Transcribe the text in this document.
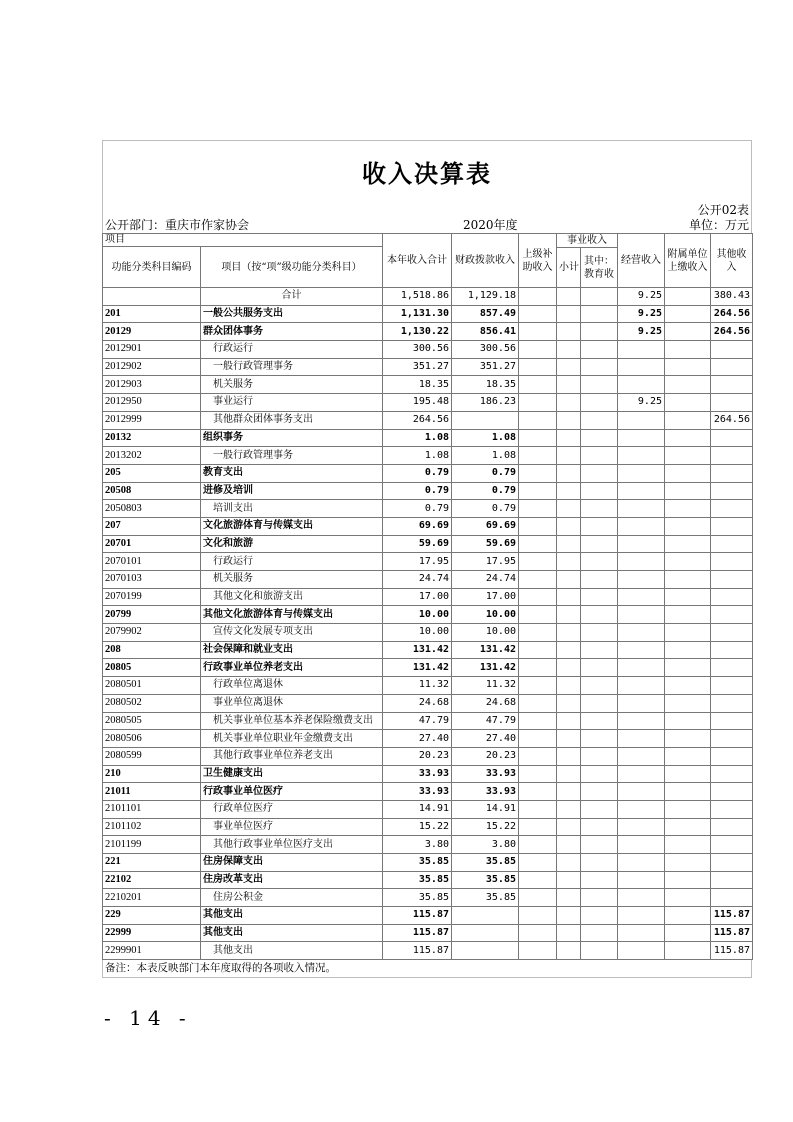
收入决算表
公开02表
公开部门：重庆市作家协会	2020年度	单位：万元
项目		本年收入合计	财政拨款收入	上级补助收入	事业收入		经营收入	附属单位上缴收入	其他收入
功能分类科目编码	项目（按“项”级功能分类科目）								
					小计	其中：教育收			
	合计	1,518.86	1,129.18				9.25		380.43
201	一般公共服务支出	1,131.30	857.49				9.25		264.56
20129	群众团体事务	1,130.22	856.41				9.25		264.56
2012901	行政运行	300.56	300.56						
2012902	一般行政管理事务	351.27	351.27						
2012903	机关服务	18.35	18.35						
2012950	事业运行	195.48	186.23				9.25		
2012999	其他群众团体事务支出	264.56							264.56
20132	组织事务	1.08	1.08						
2013202	一般行政管理事务	1.08	1.08						
205	教育支出	0.79	0.79						
20508	进修及培训	0.79	0.79						
2050803	培训支出	0.79	0.79						
207	文化旅游体育与传媒支出	69.69	69.69						
20701	文化和旅游	59.69	59.69						
2070101	行政运行	17.95	17.95						
2070103	机关服务	24.74	24.74						
2070199	其他文化和旅游支出	17.00	17.00						
20799	其他文化旅游体育与传媒支出	10.00	10.00						
2079902	宣传文化发展专项支出	10.00	10.00						
208	社会保障和就业支出	131.42	131.42						
20805	行政事业单位养老支出	131.42	131.42						
2080501	行政单位离退休	11.32	11.32						
2080502	事业单位离退休	24.68	24.68						
2080505	机关事业单位基本养老保险缴费支出	47.79	47.79						
2080506	机关事业单位职业年金缴费支出	27.40	27.40						
2080599	其他行政事业单位养老支出	20.23	20.23						
210	卫生健康支出	33.93	33.93						
21011	行政事业单位医疗	33.93	33.93						
2101101	行政单位医疗	14.91	14.91						
2101102	事业单位医疗	15.22	15.22						
2101199	其他行政事业单位医疗支出	3.80	3.80						
221	住房保障支出	35.85	35.85						
22102	住房改革支出	35.85	35.85						
2210201	住房公积金	35.85	35.85						
229	其他支出	115.87							115.87
22999	其他支出	115.87							115.87
2299901	其他支出	115.87							115.87
备注：本表反映部门本年度取得的各项收入情况。
- 14 -
